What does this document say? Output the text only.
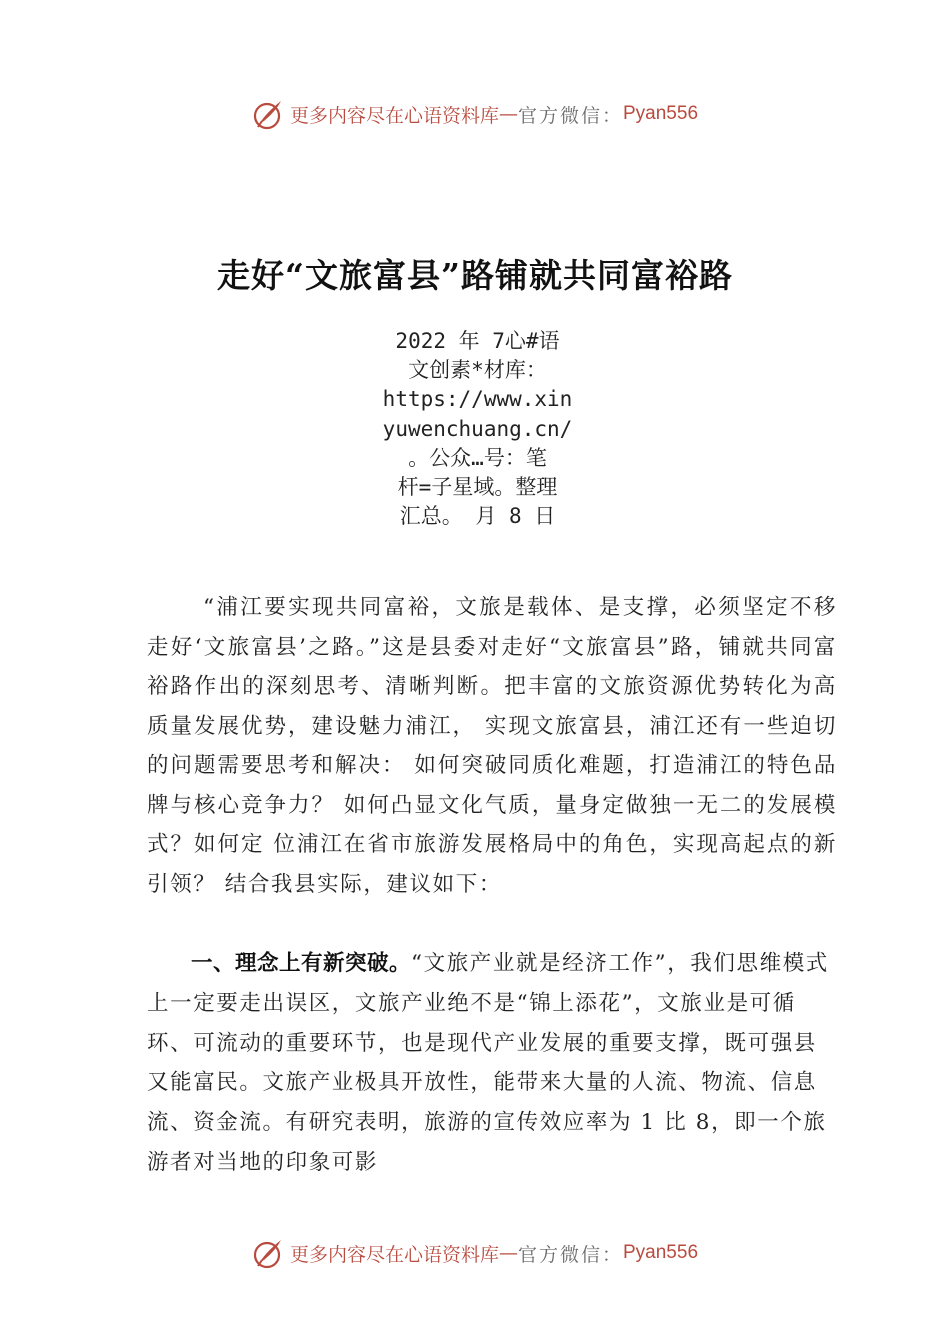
更多内容尽在心语资料库 — 官方微信： Pyan556
走好“文旅富县”路铺就共同富裕路
2022 年 7心#语
文创素*材库：
https://www.xin
yuwenchuang.cn/
。公众…号：笔
杆=子星域。整理
汇总。 月 8 日
“浦江要实现共同富裕，文旅是载体、是支撑，必须坚定不移走好‘文旅富县’之路。”这是县委对走好“文旅富县”路，铺就共同富裕路作出的深刻思考、清晰判断。把丰富的文旅资源优势转化为高质量发展优势，建设魅力浦江， 实现文旅富县，浦江还有一些迫切的问题需要思考和解决： 如何突破同质化难题，打造浦江的特色品牌与核心竞争力？ 如何凸显文化气质，量身定做独一无二的发展模式？如何定 位浦江在省市旅游发展格局中的角色，实现高起点的新引领？ 结合我县实际，建议如下：
一、理念上有新突破。“文旅产业就是经济工作”，我们思维模式上一定要走出误区，文旅产业绝不是“锦上添花”，文旅业是可循环、可流动的重要环节，也是现代产业发展的重要支撑，既可强县又能富民。文旅产业极具开放性，能带来大量的人流、物流、信息流、资金流。有研究表明，旅游的宣传效应率为 1 比 8，即一个旅游者对当地的印象可影
更多内容尽在心语资料库 — 官方微信： Pyan556
